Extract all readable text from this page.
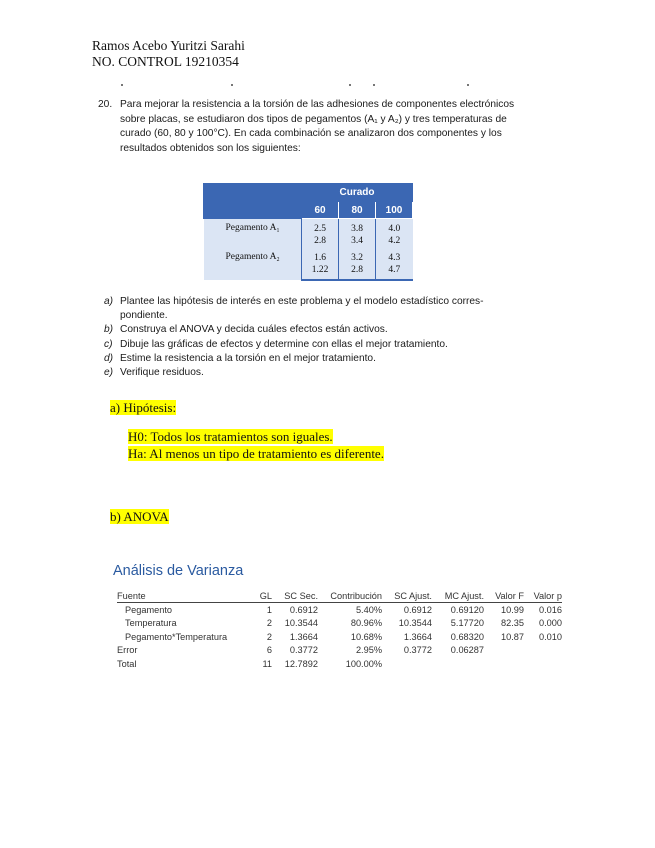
Ramos Acebo Yuritzi Sarahi
NO. CONTROL 19210354
20. Para mejorar la resistencia a la torsión de las adhesiones de componentes electrónicos
sobre placas, se estudiaron dos tipos de pegamentos (A₁ y A₂) y tres temperaturas de
curado (60, 80 y 100°C). En cada combinación se analizaron dos componentes y los
resultados obtenidos son los siguientes:
	Curado		
	60	80	100
Pegamento A₁	2.5	3.8	4.0
	2.8	3.4	4.2
Pegamento A₂	1.6	3.2	4.3
	1.22	2.8	4.7
a) Plantee las hipótesis de interés en este problema y el modelo estadístico corres-
pondiente.
b) Construya el ANOVA y decida cuáles efectos están activos.
c) Dibuje las gráficas de efectos y determine con ellas el mejor tratamiento.
d) Estime la resistencia a la torsión en el mejor tratamiento.
e) Verifique residuos.
a) Hipótesis:
H0: Todos los tratamientos son iguales.
Ha: Al menos un tipo de tratamiento es diferente.
b) ANOVA
Análisis de Varianza
Fuente	GL	SC Sec.	Contribución	SC Ajust.	MC Ajust.	Valor F	Valor p
Pegamento	1	0.6912	5.40%	0.6912	0.69120	10.99	0.016
Temperatura	2	10.3544	80.96%	10.3544	5.17720	82.35	0.000
Pegamento*Temperatura	2	1.3664	10.68%	1.3664	0.68320	10.87	0.010
Error	6	0.3772	2.95%	0.3772	0.06287		
Total	11	12.7892	100.00%				
